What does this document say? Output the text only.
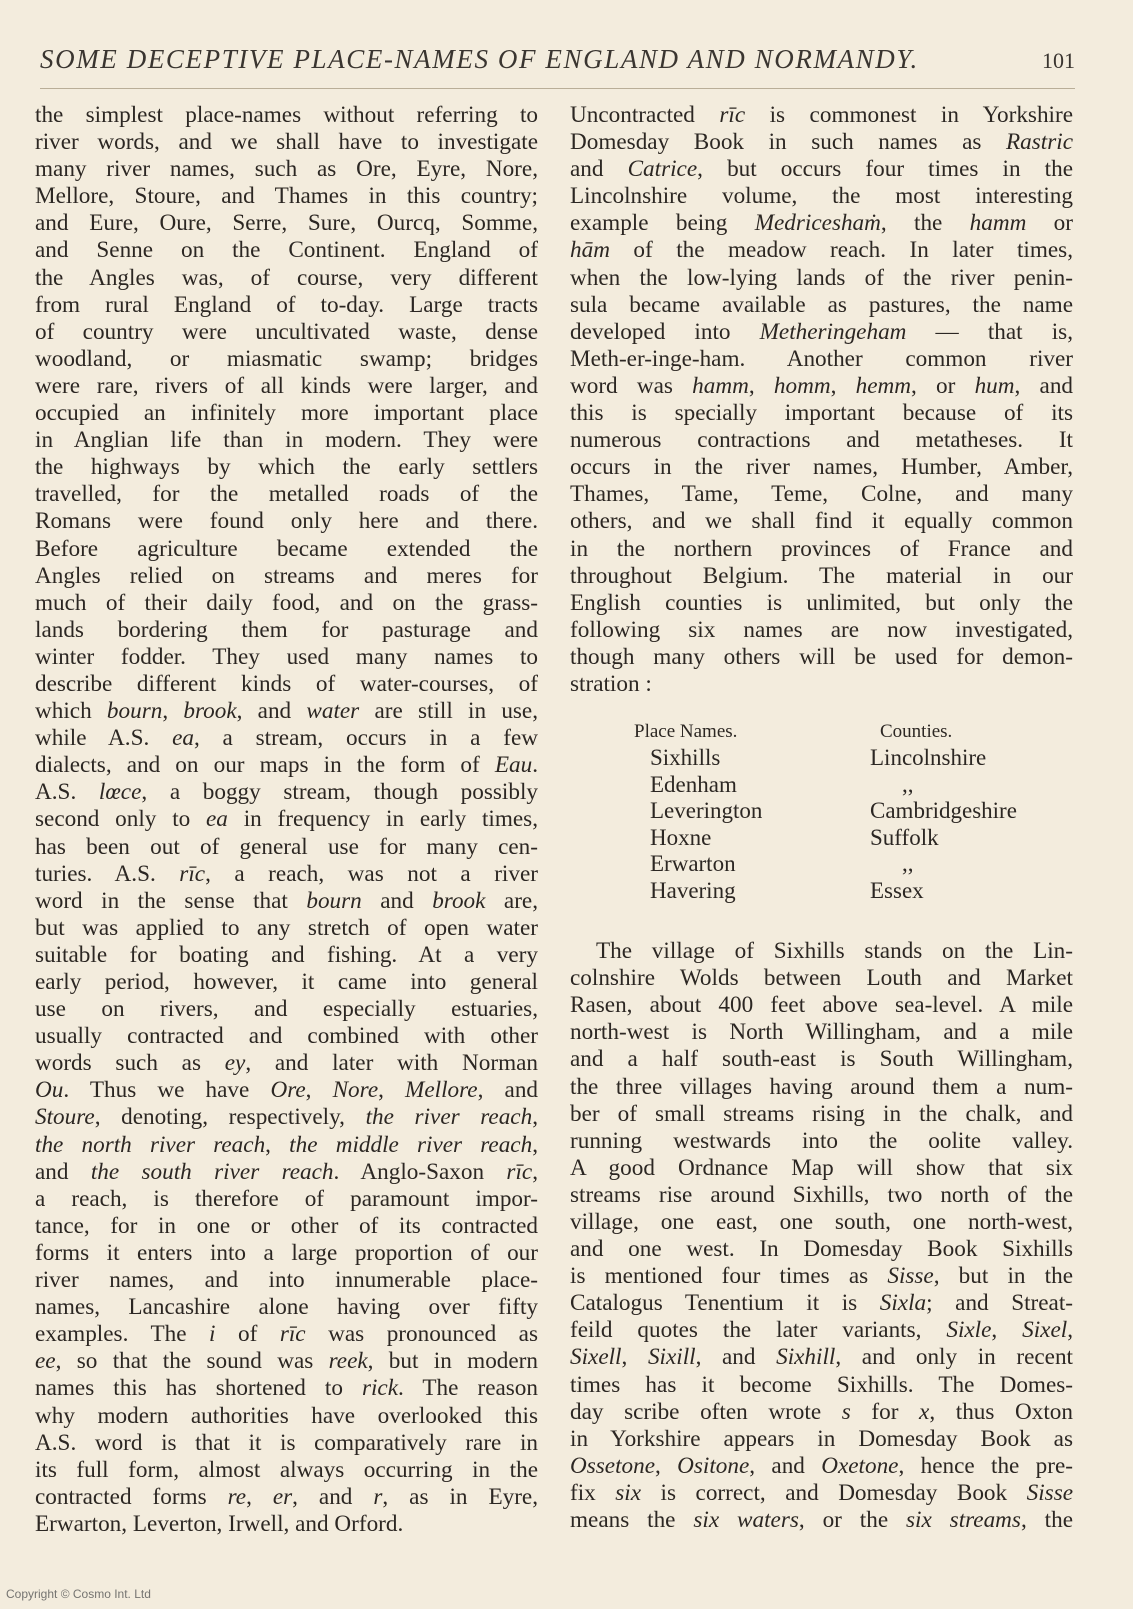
SOME DECEPTIVE PLACE-NAMES OF ENGLAND AND NORMANDY.	101
the simplest place-names without referring to
river words, and we shall have to investigate
many river names, such as Ore, Eyre, Nore,
Mellore, Stoure, and Thames in this country;
and Eure, Oure, Serre, Sure, Ourcq, Somme,
and Senne on the Continent. England of
the Angles was, of course, very different
from rural England of to-day. Large tracts
of country were uncultivated waste, dense
woodland, or miasmatic swamp; bridges
were rare, rivers of all kinds were larger, and
occupied an infinitely more important place
in Anglian life than in modern. They were
the highways by which the early settlers
travelled, for the metalled roads of the
Romans were found only here and there.
Before agriculture became extended the
Angles relied on streams and meres for
much of their daily food, and on the grass-
lands bordering them for pasturage and
winter fodder. They used many names to
describe different kinds of water-courses, of
which bourn, brook, and water are still in use,
while A.S. ea, a stream, occurs in a few
dialects, and on our maps in the form of Eau.
A.S. lœce, a boggy stream, though possibly
second only to ea in frequency in early times,
has been out of general use for many cen-
turies. A.S. rīc, a reach, was not a river
word in the sense that bourn and brook are,
but was applied to any stretch of open water
suitable for boating and fishing. At a very
early period, however, it came into general
use on rivers, and especially estuaries,
usually contracted and combined with other
words such as ey, and later with Norman
Ou. Thus we have Ore, Nore, Mellore, and
Stoure, denoting, respectively, the river reach,
the north river reach, the middle river reach,
and the south river reach. Anglo-Saxon rīc,
a reach, is therefore of paramount impor-
tance, for in one or other of its contracted
forms it enters into a large proportion of our
river names, and into innumerable place-
names, Lancashire alone having over fifty
examples. The i of rīc was pronounced as
ee, so that the sound was reek, but in modern
names this has shortened to rick. The reason
why modern authorities have overlooked this
A.S. word is that it is comparatively rare in
its full form, almost always occurring in the
contracted forms re, er, and r, as in Eyre,
Erwarton, Leverton, Irwell, and Orford.
Uncontracted rīc is commonest in Yorkshire
Domesday Book in such names as Rastric
and Catrice, but occurs four times in the
Lincolnshire volume, the most interesting
example being Medriceshaṁ, the hamm or
hām of the meadow reach. In later times,
when the low-lying lands of the river penin-
sula became available as pastures, the name
developed into Metheringeham — that is,
Meth-er-inge-ham. Another common river
word was hamm, homm, hemm, or hum, and
this is specially important because of its
numerous contractions and metatheses. It
occurs in the river names, Humber, Amber,
Thames, Tame, Teme, Colne, and many
others, and we shall find it equally common
in the northern provinces of France and
throughout Belgium. The material in our
English counties is unlimited, but only the
following six names are now investigated,
though many others will be used for demon-
stration :
Place Names.	Counties.
Sixhills	Lincolnshire
Edenham	,,
Leverington	Cambridgeshire
Hoxne	Suffolk
Erwarton	,,
Havering	Essex
The village of Sixhills stands on the Lin-
colnshire Wolds between Louth and Market
Rasen, about 400 feet above sea-level. A mile
north-west is North Willingham, and a mile
and a half south-east is South Willingham,
the three villages having around them a num-
ber of small streams rising in the chalk, and
running westwards into the oolite valley.
A good Ordnance Map will show that six
streams rise around Sixhills, two north of the
village, one east, one south, one north-west,
and one west. In Domesday Book Sixhills
is mentioned four times as Sisse, but in the
Catalogus Tenentium it is Sixla; and Streat-
feild quotes the later variants, Sixle, Sixel,
Sixell, Sixill, and Sixhill, and only in recent
times has it become Sixhills. The Domes-
day scribe often wrote s for x, thus Oxton
in Yorkshire appears in Domesday Book as
Ossetone, Ositone, and Oxetone, hence the pre-
fix six is correct, and Domesday Book Sisse
means the six waters, or the six streams, the
Copyright © Cosmo Int. Ltd
